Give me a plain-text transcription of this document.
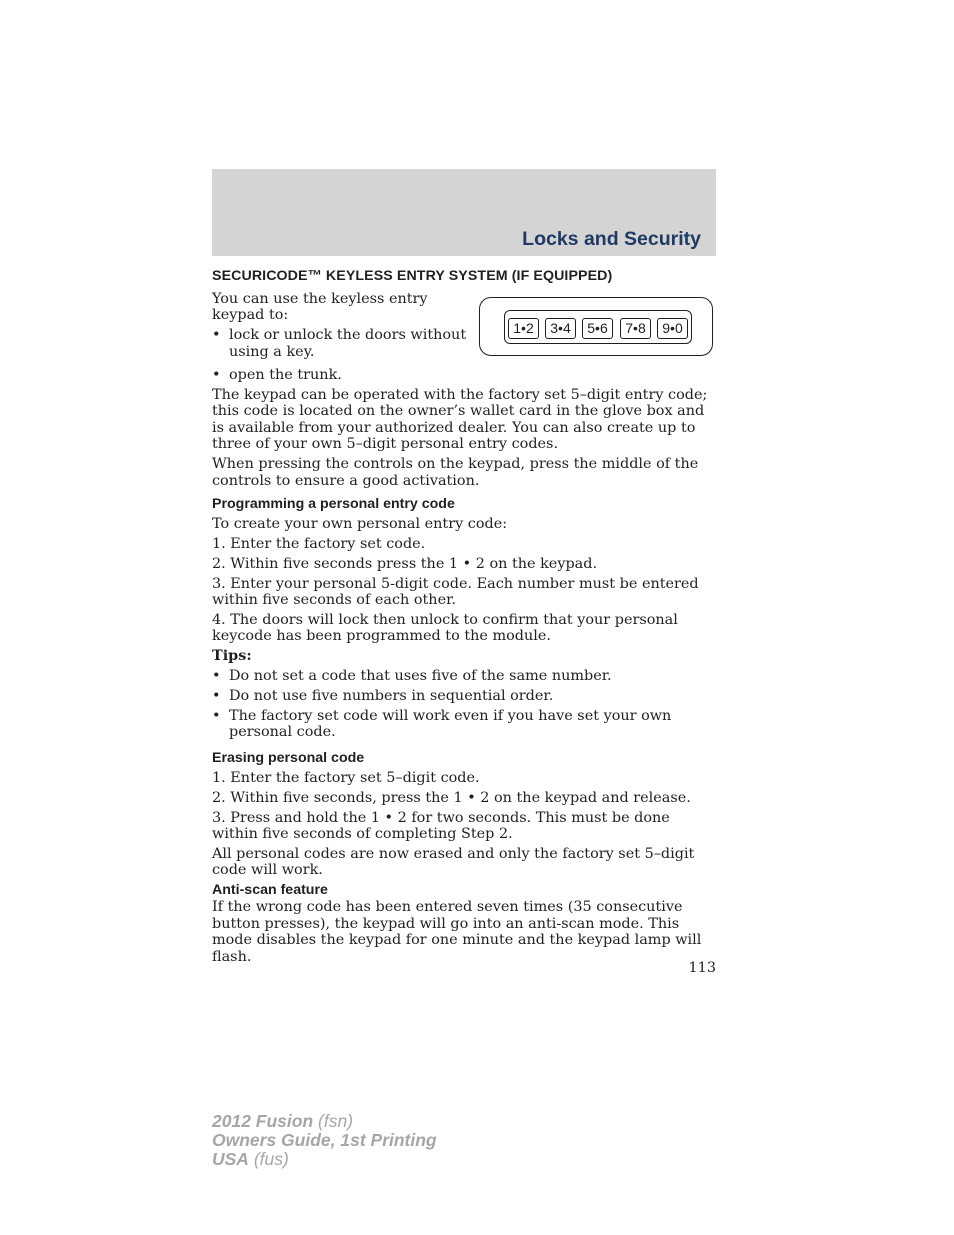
Locks and Security
1•2	3•4	5•6	7•8	9•0
SECURICODE™ KEYLESS ENTRY SYSTEM (IF EQUIPPED)

You can use the keyless entry keypad to:

• lock or unlock the doors without using a key.
• open the trunk.

The keypad can be operated with the factory set 5–digit entry code; this code is located on the owner’s wallet card in the glove box and is available from your authorized dealer. You can also create up to three of your own 5–digit personal entry codes.

When pressing the controls on the keypad, press the middle of the controls to ensure a good activation.

Programming a personal entry code

To create your own personal entry code:

1. Enter the factory set code.

2. Within five seconds press the 1 • 2 on the keypad.

3. Enter your personal 5-digit code. Each number must be entered within five seconds of each other.

4. The doors will lock then unlock to confirm that your personal keycode has been programmed to the module.

Tips:
• Do not set a code that uses five of the same number.
• Do not use five numbers in sequential order.
• The factory set code will work even if you have set your own personal code.
Erasing personal code

1. Enter the factory set 5–digit code.

2. Within five seconds, press the 1 • 2 on the keypad and release.

3. Press and hold the 1 • 2 for two seconds. This must be done within five seconds of completing Step 2.

All personal codes are now erased and only the factory set 5–digit code will work.

Anti-scan feature

If the wrong code has been entered seven times (35 consecutive button presses), the keypad will go into an anti-scan mode. This mode disables the keypad for one minute and the keypad lamp will flash.

113
2012 Fusion (fsn)
Owners Guide, 1st Printing
USA (fus)
